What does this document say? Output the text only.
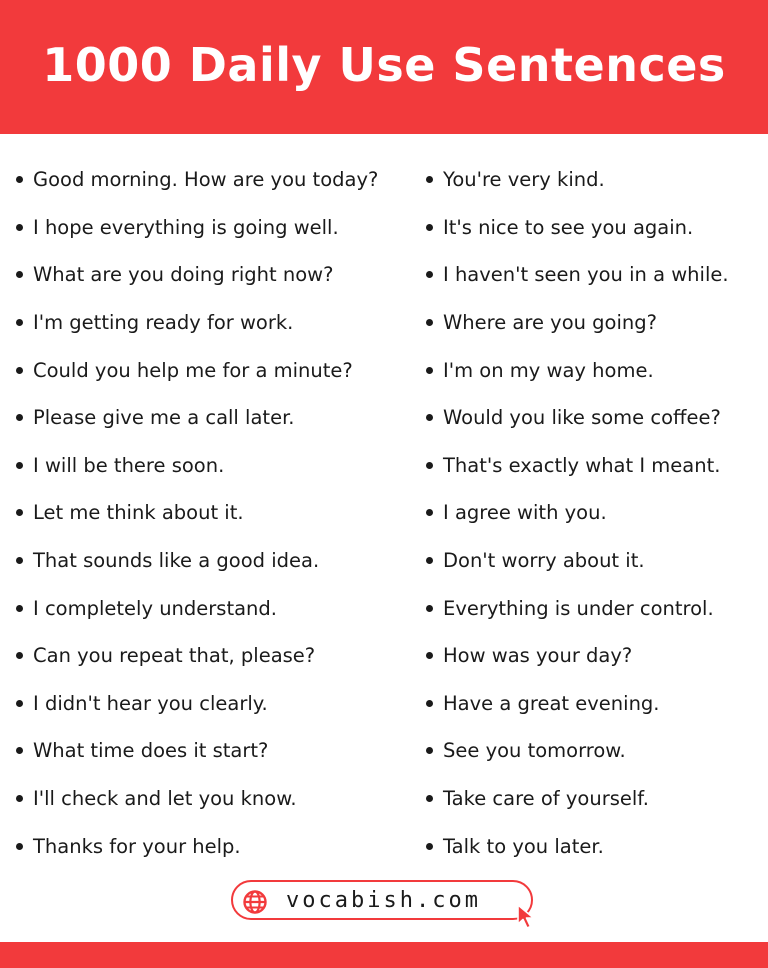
1000 Daily Use Sentences
Good morning. How are you today?
I hope everything is going well.
What are you doing right now?
I'm getting ready for work.
Could you help me for a minute?
Please give me a call later.
I will be there soon.
Let me think about it.
That sounds like a good idea.
I completely understand.
Can you repeat that, please?
I didn't hear you clearly.
What time does it start?
I'll check and let you know.
Thanks for your help.
You're very kind.
It's nice to see you again.
I haven't seen you in a while.
Where are you going?
I'm on my way home.
Would you like some coffee?
That's exactly what I meant.
I agree with you.
Don't worry about it.
Everything is under control.
How was your day?
Have a great evening.
See you tomorrow.
Take care of yourself.
Talk to you later.
vocabish.com
